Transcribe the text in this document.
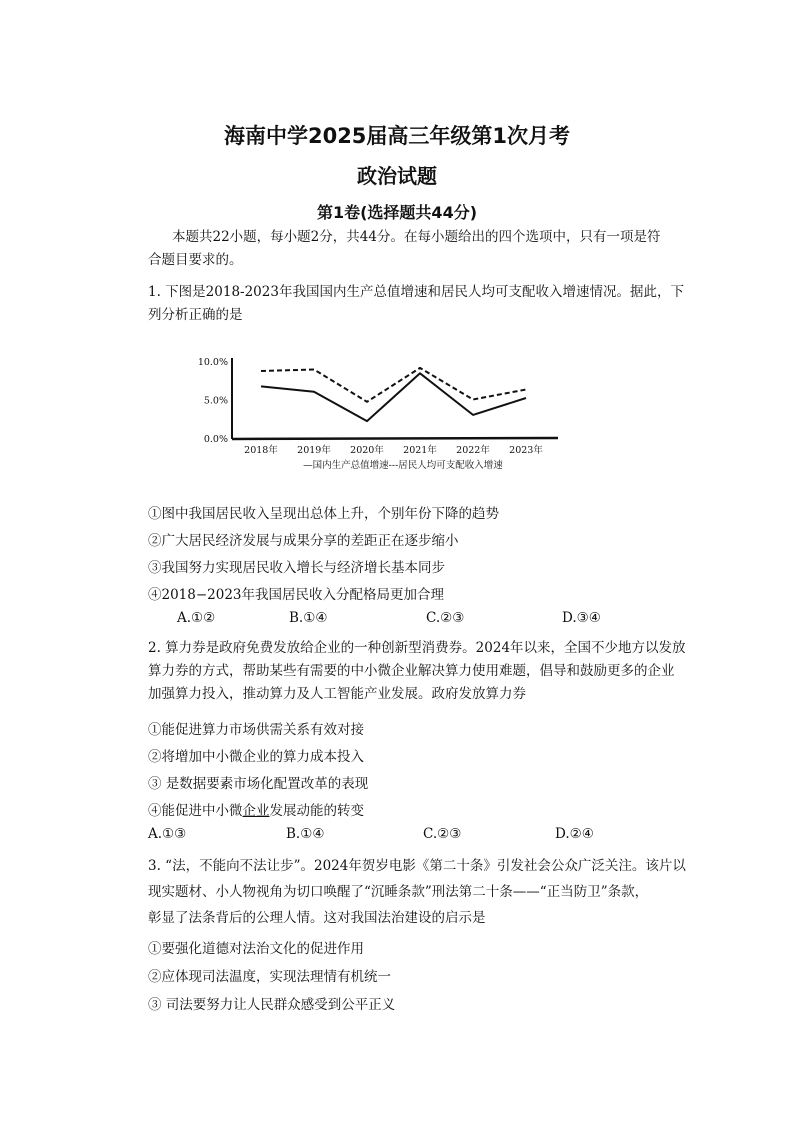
海南中学2025届高三年级第1次月考
政治试题
第1卷(选择题共44分)
本题共22小题，每小题2分，共44分。在每小题给出的四个选项中，只有一项是符
合题目要求的。
1. 下图是2018-2023年我国国内生产总值增速和居民人均可支配收入增速情况。据此，下
列分析正确的是
10.0%
5.0%
0.0%
2018年 2019年 2020年 2021年 2022年 2023年
—国内生产总值增速---居民人均可支配收入增速
①图中我国居民收入呈现出总体上升，个别年份下降的趋势
②广大居民经济发展与成果分享的差距正在逐步缩小
③我国努力实现居民收入增长与经济增长基本同步
④2018−2023年我国居民收入分配格局更加合理
A.①②	B.①④	C.②③	D.③④
2. 算力券是政府免费发放给企业的一种创新型消费券。2024年以来，全国不少地方以发放
算力券的方式，帮助某些有需要的中小微企业解决算力使用难题，倡导和鼓励更多的企业
加强算力投入，推动算力及人工智能产业发展。政府发放算力券
①能促进算力市场供需关系有效对接
②将增加中小微企业的算力成本投入
③ 是数据要素市场化配置改革的表现
④能促进中小微企业发展动能的转变
A.①③	B.①④	C.②③	D.②④
3. “法，不能向不法让步”。2024年贺岁电影《第二十条》引发社会公众广泛关注。该片以
现实题材、小人物视角为切口唤醒了“沉睡条款”刑法第二十条——“正当防卫”条款，
彰显了法条背后的公理人情。这对我国法治建设的启示是
①要强化道德对法治文化的促进作用
②应体现司法温度，实现法理情有机统一
③ 司法要努力让人民群众感受到公平正义
